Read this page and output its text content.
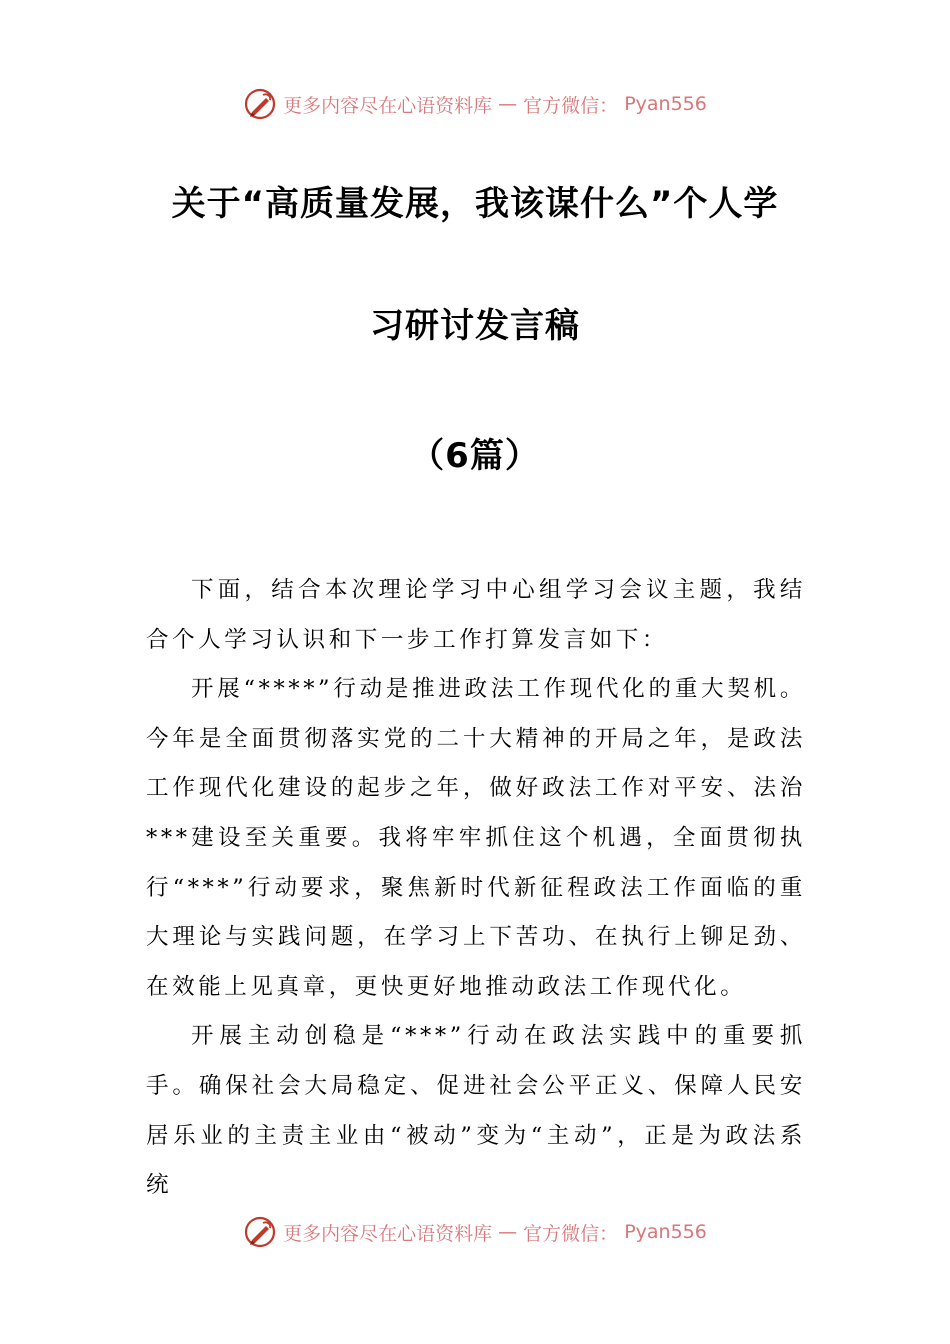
更多内容尽在心语资料库 — 官方微信： Pyan556
关于“高质量发展，我该谋什么”个人学
习研讨发言稿
（6篇）

下面，结合本次理论学习中心组学习会议主题，我结合个人学习认识和下一步工作打算发言如下：

开展“****”行动是推进政法工作现代化的重大契机。今年是全面贯彻落实党的二十大精神的开局之年，是政法工作现代化建设的起步之年，做好政法工作对平安、法治***建设至关重要。我将牢牢抓住这个机遇，全面贯彻执行“***”行动要求，聚焦新时代新征程政法工作面临的重大理论与实践问题，在学习上下苦功、在执行上铆足劲、在效能上见真章，更快更好地推动政法工作现代化。

开展主动创稳是“***”行动在政法实践中的重要抓手。确保社会大局稳定、促进社会公平正义、保障人民安居乐业的主责主业由“被动”变为“主动”，正是为政法系统

更多内容尽在心语资料库 — 官方微信： Pyan556
